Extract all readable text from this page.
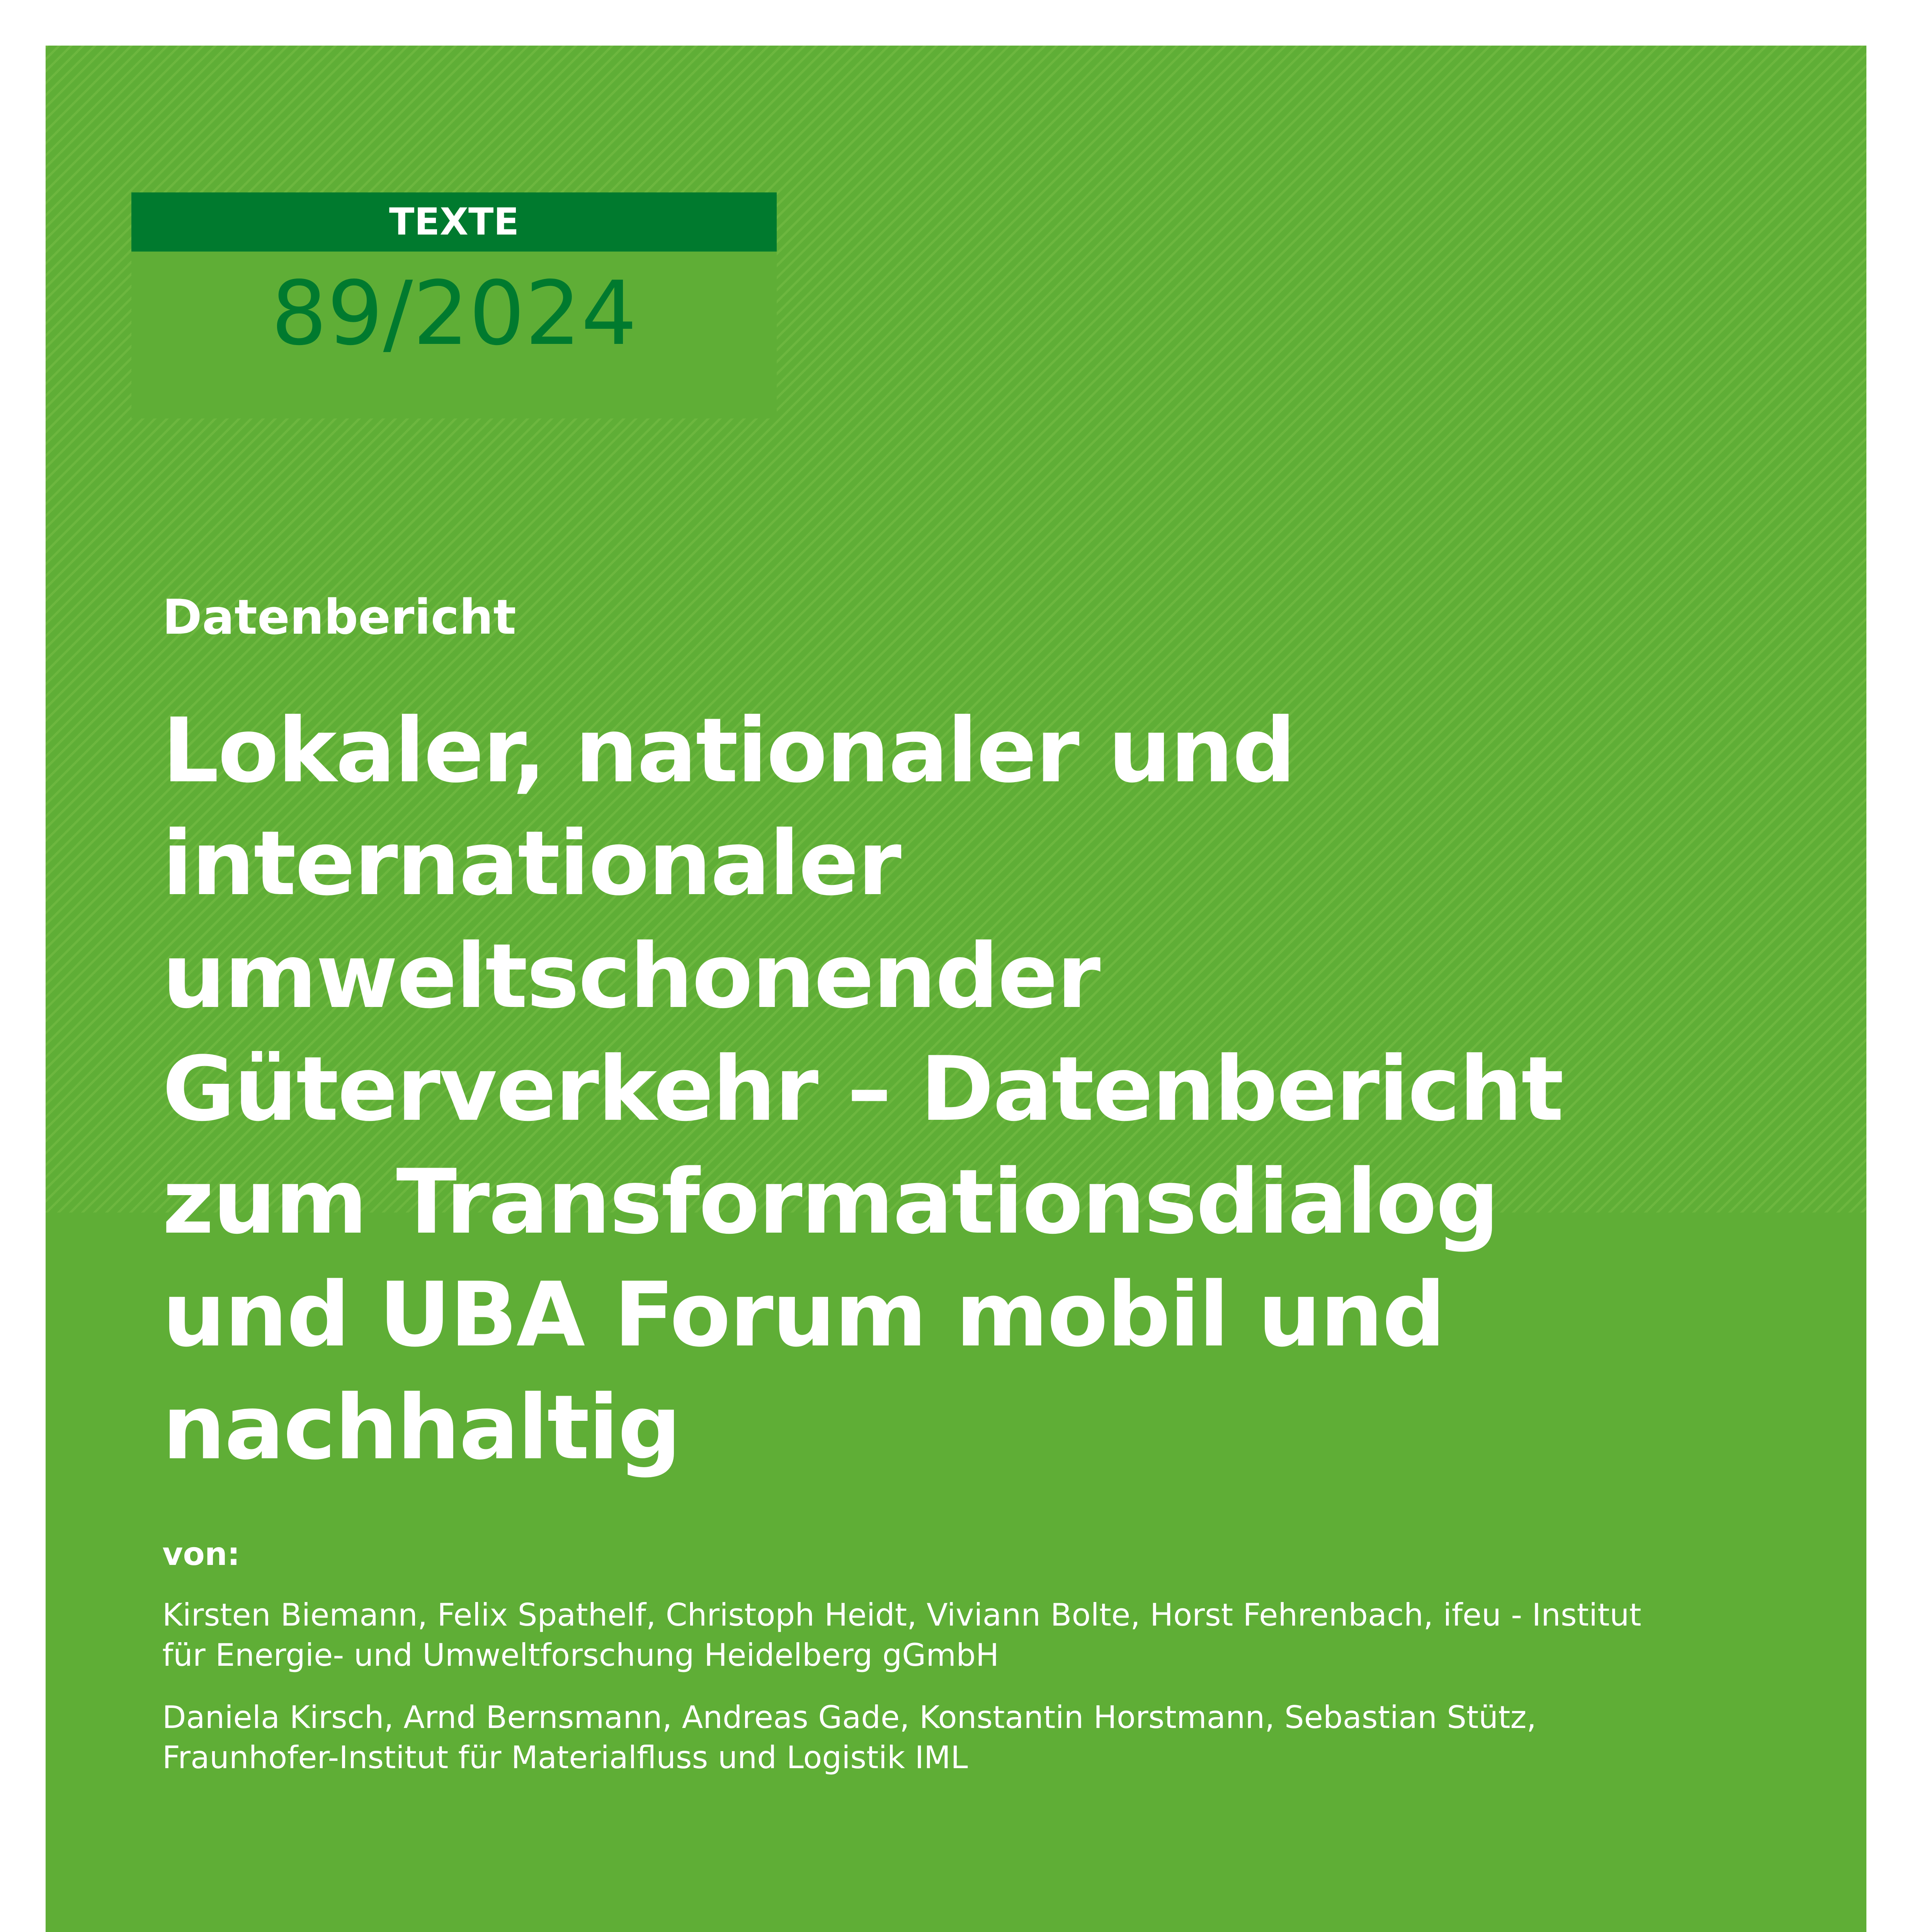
TEXTE
89/2024
Datenbericht
Lokaler, nationaler und
internationaler
umweltschonender
Güterverkehr – Datenbericht
zum Transformationsdialog
und UBA Forum mobil und
nachhaltig
von:

Kirsten Biemann, Felix Spathelf, Christoph Heidt, Viviann Bolte, Horst Fehrenbach, ifeu - Institut
für Energie- und Umweltforschung Heidelberg gGmbH

Daniela Kirsch, Arnd Bernsmann, Andreas Gade, Konstantin Horstmann, Sebastian Stütz,
Fraunhofer-Institut für Materialfluss und Logistik IML
